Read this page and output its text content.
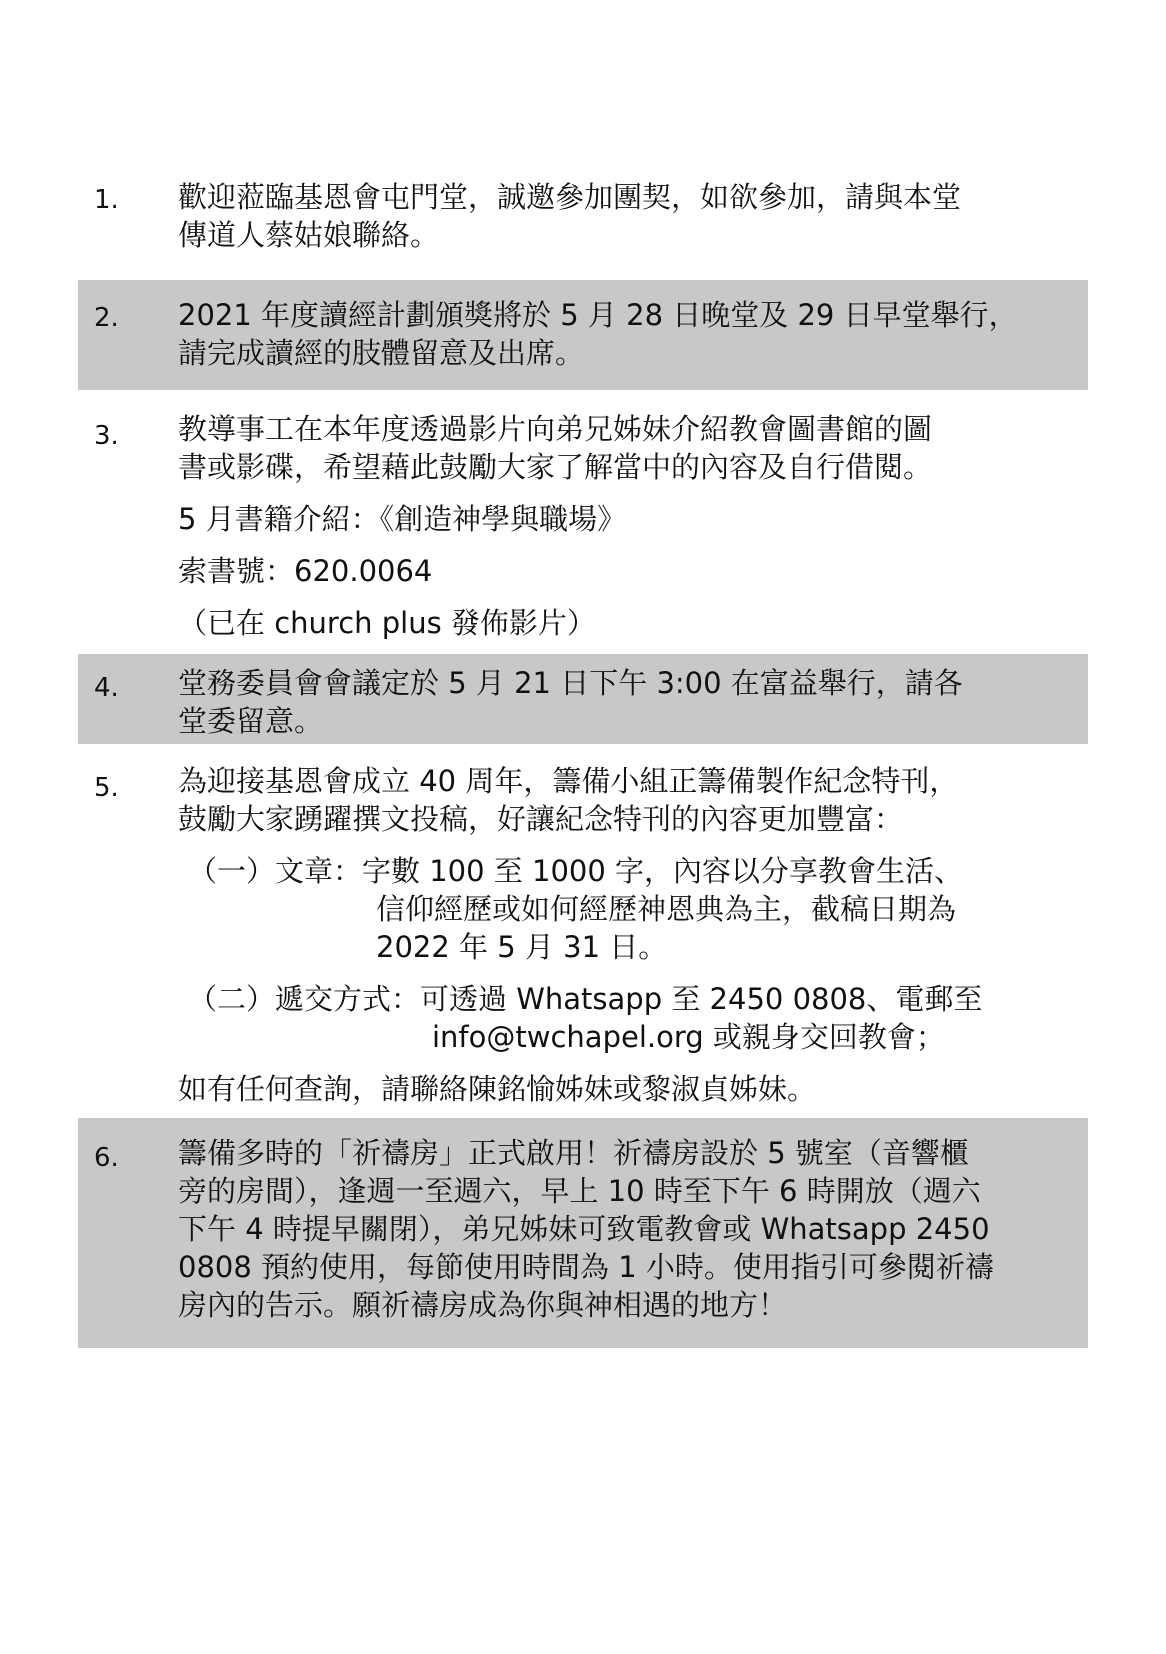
1. 歡迎蒞臨基恩會屯門堂，誠邀參加團契，如欲參加，請與本堂
傳道人蔡姑娘聯絡。
2. 2021 年度讀經計劃頒獎將於 5 月 28 日晚堂及 29 日早堂舉行，
請完成讀經的肢體留意及出席。
3. 教導事工在本年度透過影片向弟兄姊妹介紹教會圖書館的圖
書或影碟，希望藉此鼓勵大家了解當中的內容及自行借閱。
5 月書籍介紹：《創造神學與職場》
索書號：620.0064
（已在 church plus 發佈影片）
4. 堂務委員會會議定於 5 月 21 日下午 3:00 在富益舉行，請各
堂委留意。
5. 為迎接基恩會成立 40 周年，籌備小組正籌備製作紀念特刊，
鼓勵大家踴躍撰文投稿，好讓紀念特刊的內容更加豐富：
（一）文章：字數 100 至 1000 字，內容以分享教會生活、
信仰經歷或如何經歷神恩典為主，截稿日期為
2022 年 5 月 31 日。
（二）遞交方式：可透過 Whatsapp 至 2450 0808、電郵至
info@twchapel.org 或親身交回教會；
如有任何查詢，請聯絡陳銘愉姊妹或黎淑貞姊妹。
6. 籌備多時的「祈禱房」正式啟用！祈禱房設於 5 號室（音響櫃
旁的房間），逢週一至週六，早上 10 時至下午 6 時開放（週六
下午 4 時提早關閉），弟兄姊妹可致電教會或 Whatsapp 2450
0808 預約使用，每節使用時間為 1 小時。使用指引可參閱祈禱
房內的告示。願祈禱房成為你與神相遇的地方！
